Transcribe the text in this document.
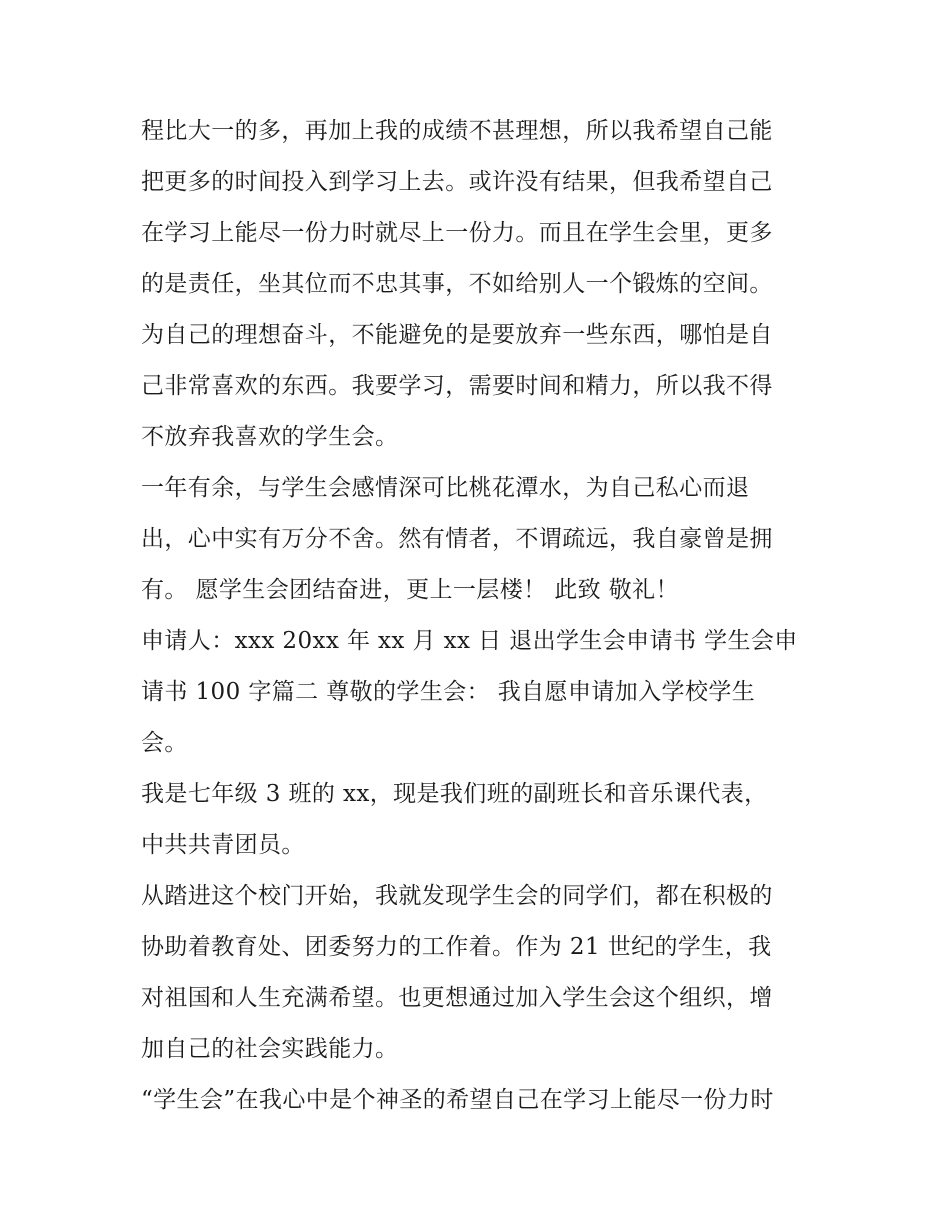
程比大一的多，再加上我的成绩不甚理想，所以我希望自己能
把更多的时间投入到学习上去。或许没有结果，但我希望自己
在学习上能尽一份力时就尽上一份力。而且在学生会里，更多
的是责任，坐其位而不忠其事，不如给别人一个锻炼的空间。
为自己的理想奋斗，不能避免的是要放弃一些东西，哪怕是自
己非常喜欢的东西。我要学习，需要时间和精力，所以我不得
不放弃我喜欢的学生会。
一年有余，与学生会感情深可比桃花潭水，为自己私心而退
出，心中实有万分不舍。然有情者，不谓疏远，我自豪曾是拥
有。 愿学生会团结奋进，更上一层楼！ 此致 敬礼！
申请人：xxx 20xx 年 xx 月 xx 日 退出学生会申请书 学生会申
请书 100 字篇二 尊敬的学生会： 我自愿申请加入学校学生
会。
我是七年级 3 班的 xx，现是我们班的副班长和音乐课代表，
中共共青团员。
从踏进这个校门开始，我就发现学生会的同学们，都在积极的
协助着教育处、团委努力的工作着。作为 21 世纪的学生，我
对祖国和人生充满希望。也更想通过加入学生会这个组织，增
加自己的社会实践能力。
“学生会”在我心中是个神圣的希望自己在学习上能尽一份力时
